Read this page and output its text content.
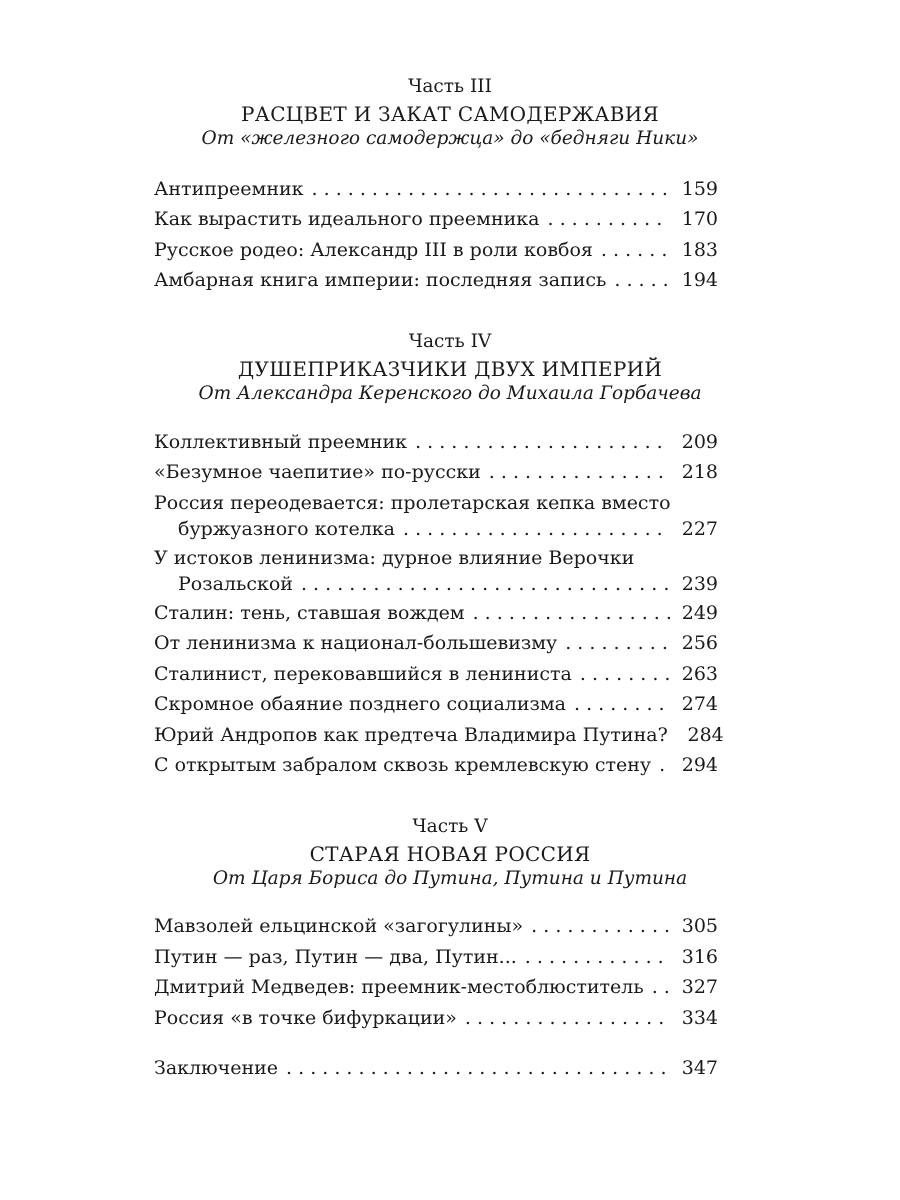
Часть III
РАСЦВЕТ И ЗАКАТ САМОДЕРЖАВИЯ
От «железного самодержца» до «бедняги Ники»
Антипреемник . . .	159
Как вырастить идеального преемника . . .	170
Русское родео: Александр III в роли ковбоя . . .	183
Амбарная книга империи: последняя запись . . .	194
Часть IV
ДУШЕПРИКАЗЧИКИ ДВУХ ИМПЕРИЙ
От Александра Керенского до Михаила Горбачева
Коллективный преемник . . .	209
«Безумное чаепитие» по-русски . . .	218
Россия переодевается: пролетарская кепка вместо
буржуазного котелка . . .	227
У истоков ленинизма: дурное влияние Верочки
Розальской . . .	239
Сталин: тень, ставшая вождем . . .	249
От ленинизма к национал-большевизму . . .	256
Сталинист, перековавшийся в лениниста . . .	263
Скромное обаяние позднего социализма . . .	274
Юрий Андропов как предтеча Владимира Путина? 284
С открытым забралом сквозь кремлевскую стену . . . 294
Часть V
СТАРАЯ НОВАЯ РОССИЯ
От Царя Бориса до Путина, Путина и Путина
Мавзолей ельцинской «загогулины» . . .	305
Путин — раз, Путин — два, Путин... . . .	316
Дмитрий Медведев: преемник-местоблюститель . . . 327
Россия «в точке бифуркации» . . .	334
Заключение . . .	347
